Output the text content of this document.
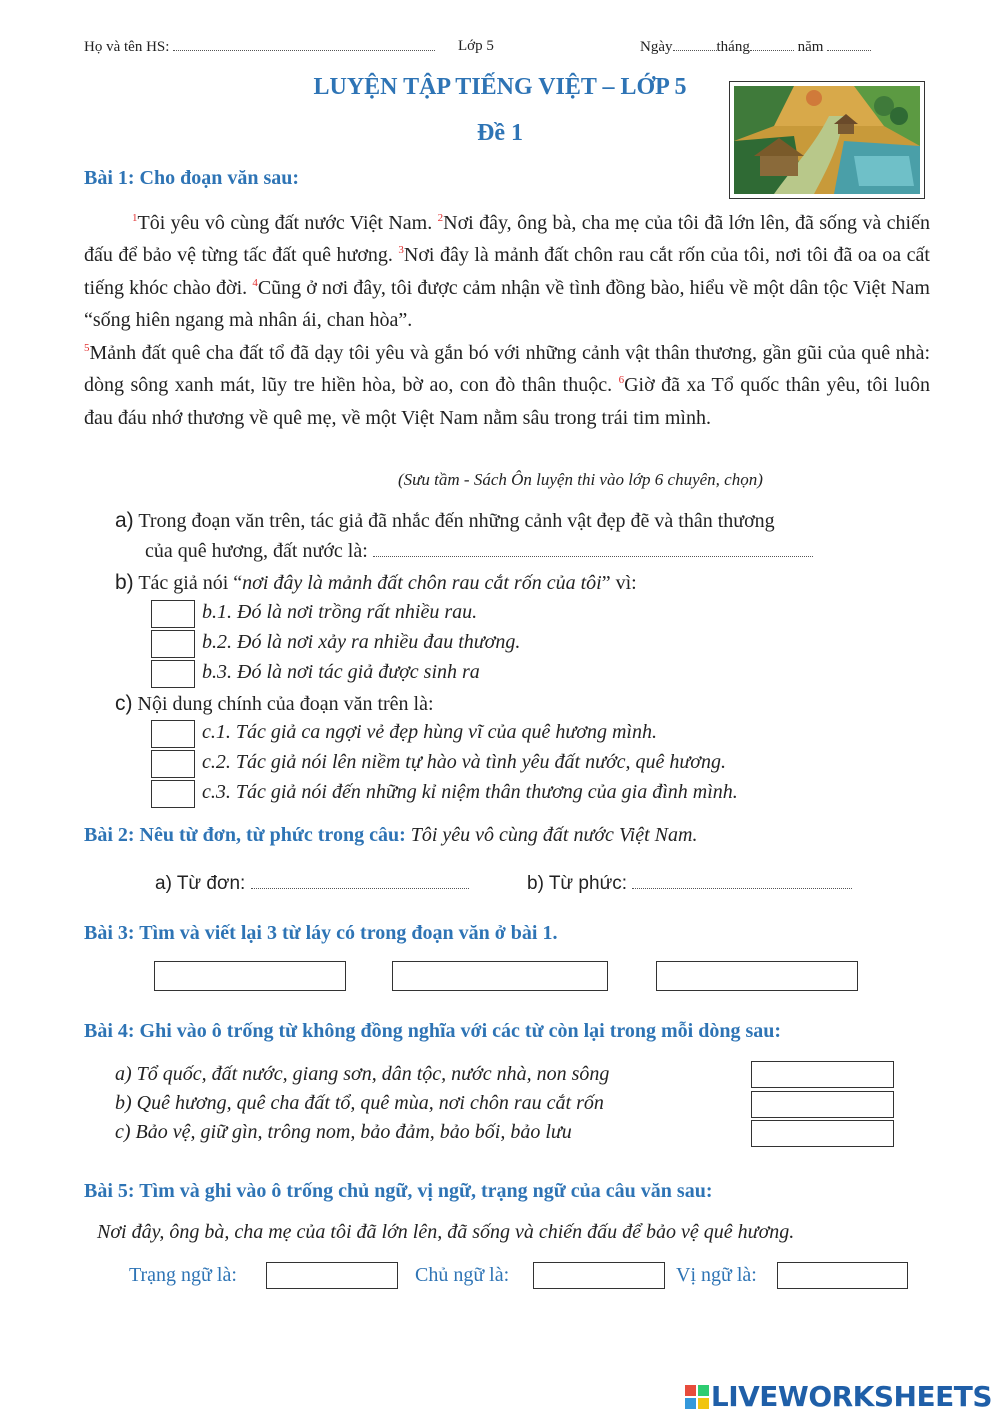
Họ và tên HS:	Lớp 5	Ngày	tháng	năm
LUYỆN TẬP TIẾNG VIỆT – LỚP 5
Đề 1
Bài 1: Cho đoạn văn sau:
$^1$Tôi yêu vô cùng đất nước Việt Nam. $^2$Nơi đây, ông bà, cha mẹ của tôi đã lớn lên, đã sống và chiến đấu để bảo vệ từng tấc đất quê hương. $^3$Nơi đây là mảnh đất chôn rau cắt rốn của tôi, nơi tôi đã oa oa cất tiếng khóc chào đời. $^4$Cũng ở nơi đây, tôi được cảm nhận về tình đồng bào, hiểu về một dân tộc Việt Nam “sống hiên ngang mà nhân ái, chan hòa”.
$^5$Mảnh đất quê cha đất tổ đã dạy tôi yêu và gắn bó với những cảnh vật thân thương, gần gũi của quê nhà: dòng sông xanh mát, lũy tre hiền hòa, bờ ao, con đò thân thuộc. $^6$Giờ đã xa Tổ quốc thân yêu, tôi luôn đau đáu nhớ thương về quê mẹ, về một Việt Nam nằm sâu trong trái tim mình.
(Sưu tầm - Sách Ôn luyện thi vào lớp 6 chuyên, chọn)
a) Trong đoạn văn trên, tác giả đã nhắc đến những cảnh vật đẹp đẽ và thân thương
của quê hương, đất nước là:
b) Tác giả nói “nơi đây là mảnh đất chôn rau cắt rốn của tôi” vì:
b.1. Đó là nơi trồng rất nhiều rau.
b.2. Đó là nơi xảy ra nhiều đau thương.
b.3. Đó là nơi tác giả được sinh ra
c) Nội dung chính của đoạn văn trên là:
c.1. Tác giả ca ngợi vẻ đẹp hùng vĩ của quê hương mình.
c.2. Tác giả nói lên niềm tự hào và tình yêu đất nước, quê hương.
c.3. Tác giả nói đến những kỉ niệm thân thương của gia đình mình.
Bài 2: Nêu từ đơn, từ phức trong câu: Tôi yêu vô cùng đất nước Việt Nam.
a) Từ đơn:	b) Từ phức:
Bài 3: Tìm và viết lại 3 từ láy có trong đoạn văn ở bài 1.
Bài 4: Ghi vào ô trống từ không đồng nghĩa với các từ còn lại trong mỗi dòng sau:
a) Tổ quốc, đất nước, giang sơn, dân tộc, nước nhà, non sông
b) Quê hương, quê cha đất tổ, quê mùa, nơi chôn rau cắt rốn
c) Bảo vệ, giữ gìn, trông nom, bảo đảm, bảo bối, bảo lưu
Bài 5: Tìm và ghi vào ô trống chủ ngữ, vị ngữ, trạng ngữ của câu văn sau:
Nơi đây, ông bà, cha mẹ của tôi đã lớn lên, đã sống và chiến đấu để bảo vệ quê hương.
Trạng ngữ là:	Chủ ngữ là:	Vị ngữ là:
LIVEWORKSHEETS
